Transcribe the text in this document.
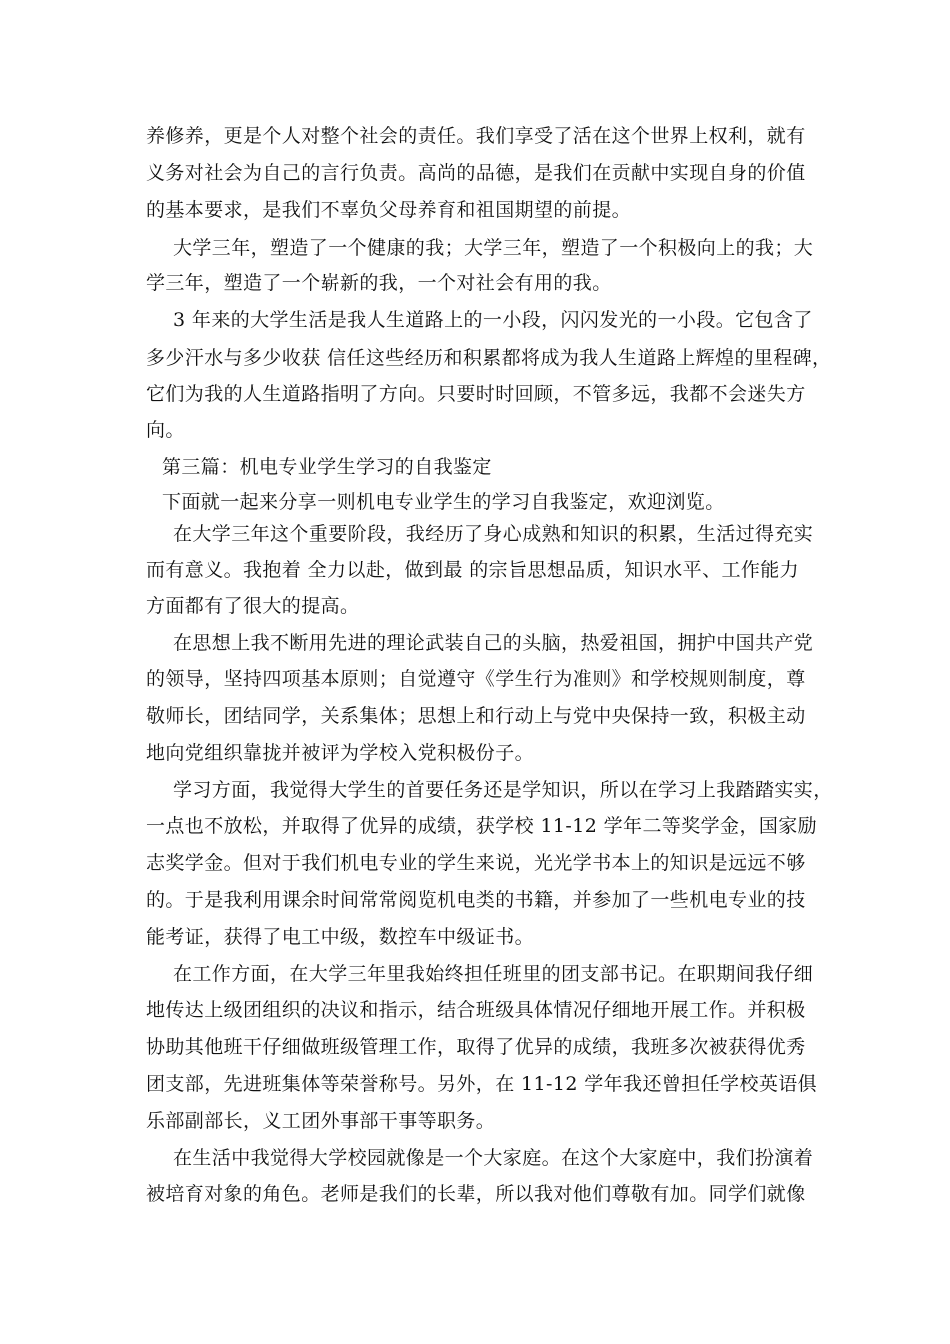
养修养，更是个人对整个社会的责任。我们享受了活在这个世界上权利，就有

义务对社会为自己的言行负责。高尚的品德，是我们在贡献中实现自身的价值

的基本要求，是我们不辜负父母养育和祖国期望的前提。

大学三年，塑造了一个健康的我；大学三年，塑造了一个积极向上的我；大

学三年，塑造了一个崭新的我，一个对社会有用的我。

3 年来的大学生活是我人生道路上的一小段，闪闪发光的一小段。它包含了

多少汗水与多少收获 信任这些经历和积累都将成为我人生道路上辉煌的里程碑，

它们为我的人生道路指明了方向。只要时时回顾，不管多远，我都不会迷失方

向。

第三篇：机电专业学生学习的自我鉴定

下面就一起来分享一则机电专业学生的学习自我鉴定，欢迎浏览。

在大学三年这个重要阶段，我经历了身心成熟和知识的积累，生活过得充实

而有意义。我抱着 全力以赴，做到最 的宗旨思想品质，知识水平、工作能力

方面都有了很大的提高。

在思想上我不断用先进的理论武装自己的头脑，热爱祖国，拥护中国共产党

的领导，坚持四项基本原则；自觉遵守《学生行为准则》和学校规则制度，尊

敬师长，团结同学，关系集体；思想上和行动上与党中央保持一致，积极主动

地向党组织靠拢并被评为学校入党积极份子。

学习方面，我觉得大学生的首要任务还是学知识，所以在学习上我踏踏实实，

一点也不放松，并取得了优异的成绩，获学校 11-12 学年二等奖学金，国家励

志奖学金。但对于我们机电专业的学生来说，光光学书本上的知识是远远不够

的。于是我利用课余时间常常阅览机电类的书籍，并参加了一些机电专业的技

能考证，获得了电工中级，数控车中级证书。

在工作方面，在大学三年里我始终担任班里的团支部书记。在职期间我仔细

地传达上级团组织的决议和指示，结合班级具体情况仔细地开展工作。并积极

协助其他班干仔细做班级管理工作，取得了优异的成绩，我班多次被获得优秀

团支部，先进班集体等荣誉称号。另外，在 11-12 学年我还曾担任学校英语俱

乐部副部长，义工团外事部干事等职务。

在生活中我觉得大学校园就像是一个大家庭。在这个大家庭中，我们扮演着

被培育对象的角色。老师是我们的长辈，所以我对他们尊敬有加。同学们就像
